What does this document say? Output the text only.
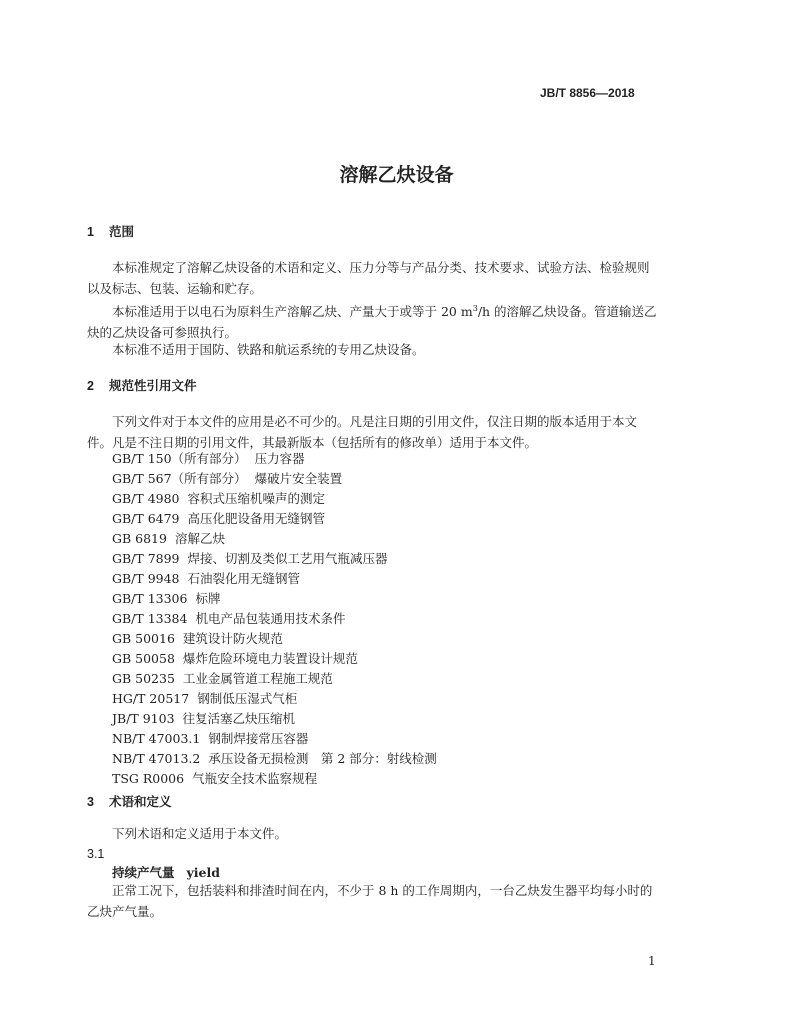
JB/T 8856—2018
溶解乙炔设备
1 范围
本标准规定了溶解乙炔设备的术语和定义、压力分等与产品分类、技术要求、试验方法、检验规则以及标志、包装、运输和贮存。
本标准适用于以电石为原料生产溶解乙炔、产量大于或等于 20 $m^3/h$ 的溶解乙炔设备。管道输送乙炔的乙炔设备可参照执行。
本标准不适用于国防、铁路和航运系统的专用乙炔设备。
2 规范性引用文件
下列文件对于本文件的应用是必不可少的。凡是注日期的引用文件，仅注日期的版本适用于本文件。凡是不注日期的引用文件，其最新版本（包括所有的修改单）适用于本文件。
GB/T 150（所有部分） 压力容器
GB/T 567（所有部分） 爆破片安全装置
GB/T 4980 容积式压缩机噪声的测定
GB/T 6479 高压化肥设备用无缝钢管
GB 6819 溶解乙炔
GB/T 7899 焊接、切割及类似工艺用气瓶减压器
GB/T 9948 石油裂化用无缝钢管
GB/T 13306 标牌
GB/T 13384 机电产品包装通用技术条件
GB 50016 建筑设计防火规范
GB 50058 爆炸危险环境电力装置设计规范
GB 50235 工业金属管道工程施工规范
HG/T 20517 钢制低压湿式气柜
JB/T 9103 往复活塞乙炔压缩机
NB/T 47003.1 钢制焊接常压容器
NB/T 47013.2 承压设备无损检测　第 2 部分：射线检测
TSG R0006 气瓶安全技术监察规程
3 术语和定义
下列术语和定义适用于本文件。
3.1
持续产气量 yield
正常工况下，包括装料和排渣时间在内，不少于 8 h 的工作周期内，一台乙炔发生器平均每小时的乙炔产气量。
1
